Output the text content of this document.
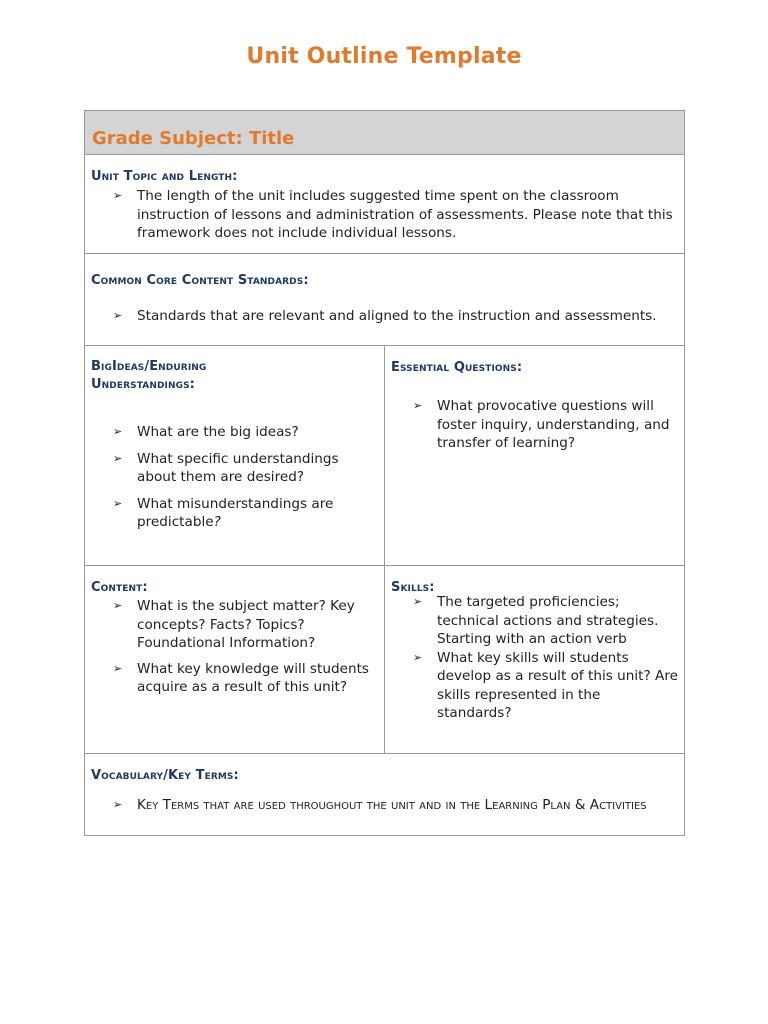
Unit Outline Template
Grade Subject: Title
Unit Topic and Length:
➢ The length of the unit includes suggested time spent on the classroom instruction of lessons and administration of assessments. Please note that this framework does not include individual lessons.
Common Core Content Standards:
➢ Standards that are relevant and aligned to the instruction and assessments.
BigIdeas/Enduring
Understandings:
➢ What are the big ideas?
➢ What specific understandings about them are desired?
➢ What misunderstandings are predictable?
Essential Questions:
➢ What provocative questions will foster inquiry, understanding, and transfer of learning?
Content:
➢ What is the subject matter? Key concepts? Facts? Topics? Foundational Information?
➢ What key knowledge will students acquire as a result of this unit?
Skills:
➢ The targeted proficiencies; technical actions and strategies. Starting with an action verb
➢ What key skills will students develop as a result of this unit? Are skills represented in the standards?
Vocabulary/Key Terms:
➢ Key Terms that are used throughout the unit and in the Learning Plan & Activities
